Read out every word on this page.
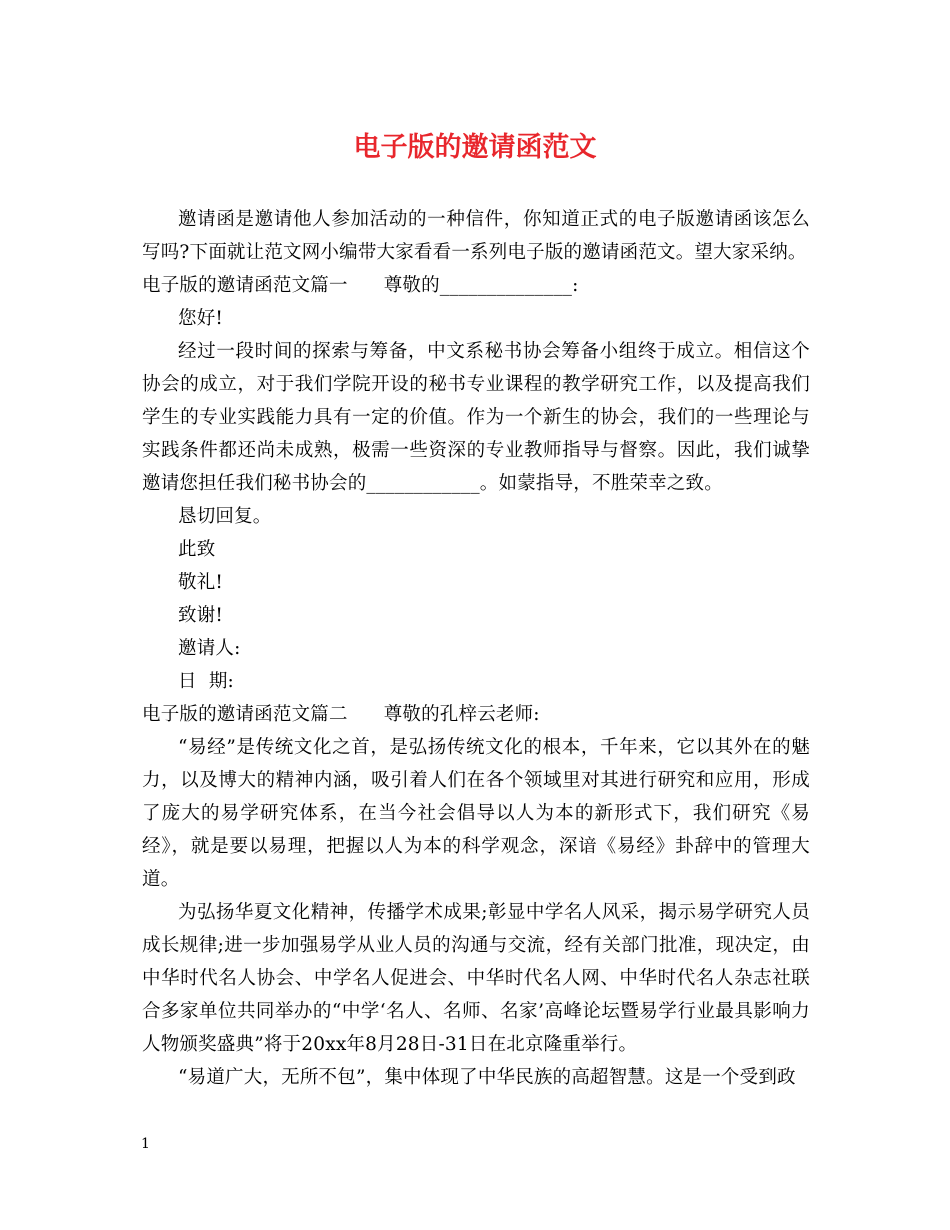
电子版的邀请函范文

邀请函是邀请他人参加活动的一种信件，你知道正式的电子版邀请函该怎么写吗?下面就让范文网小编带大家看看一系列电子版的邀请函范文。望大家采纳。

电子版的邀请函范文篇一 尊敬的______________:

您好!

经过一段时间的探索与筹备，中文系秘书协会筹备小组终于成立。相信这个协会的成立，对于我们学院开设的秘书专业课程的教学研究工作，以及提高我们学生的专业实践能力具有一定的价值。作为一个新生的协会，我们的一些理论与实践条件都还尚未成熟，极需一些资深的专业教师指导与督察。因此，我们诚挚邀请您担任我们秘书协会的____________。如蒙指导，不胜荣幸之致。

恳切回复。

此致

敬礼!

致谢!

邀请人:

日  期:

电子版的邀请函范文篇二 尊敬的孔梓云老师:

“易经”是传统文化之首，是弘扬传统文化的根本，千年来，它以其外在的魅力，以及博大的精神内涵，吸引着人们在各个领域里对其进行研究和应用，形成了庞大的易学研究体系，在当今社会倡导以人为本的新形式下，我们研究《易经》，就是要以易理，把握以人为本的科学观念，深谙《易经》卦辞中的管理大道。

为弘扬华夏文化精神，传播学术成果;彰显中学名人风采，揭示易学研究人员成长规律;进一步加强易学从业人员的沟通与交流，经有关部门批准，现决定，由中华时代名人协会、中学名人促进会、中华时代名人网、中华时代名人杂志社联合多家单位共同举办的“中学‘名人、名师、名家’高峰论坛暨易学行业最具影响力人物颁奖盛典”将于20xx年8月28日-31日在北京隆重举行。

“易道广大，无所不包”，集中体现了中华民族的高超智慧。这是一个受到政

1
